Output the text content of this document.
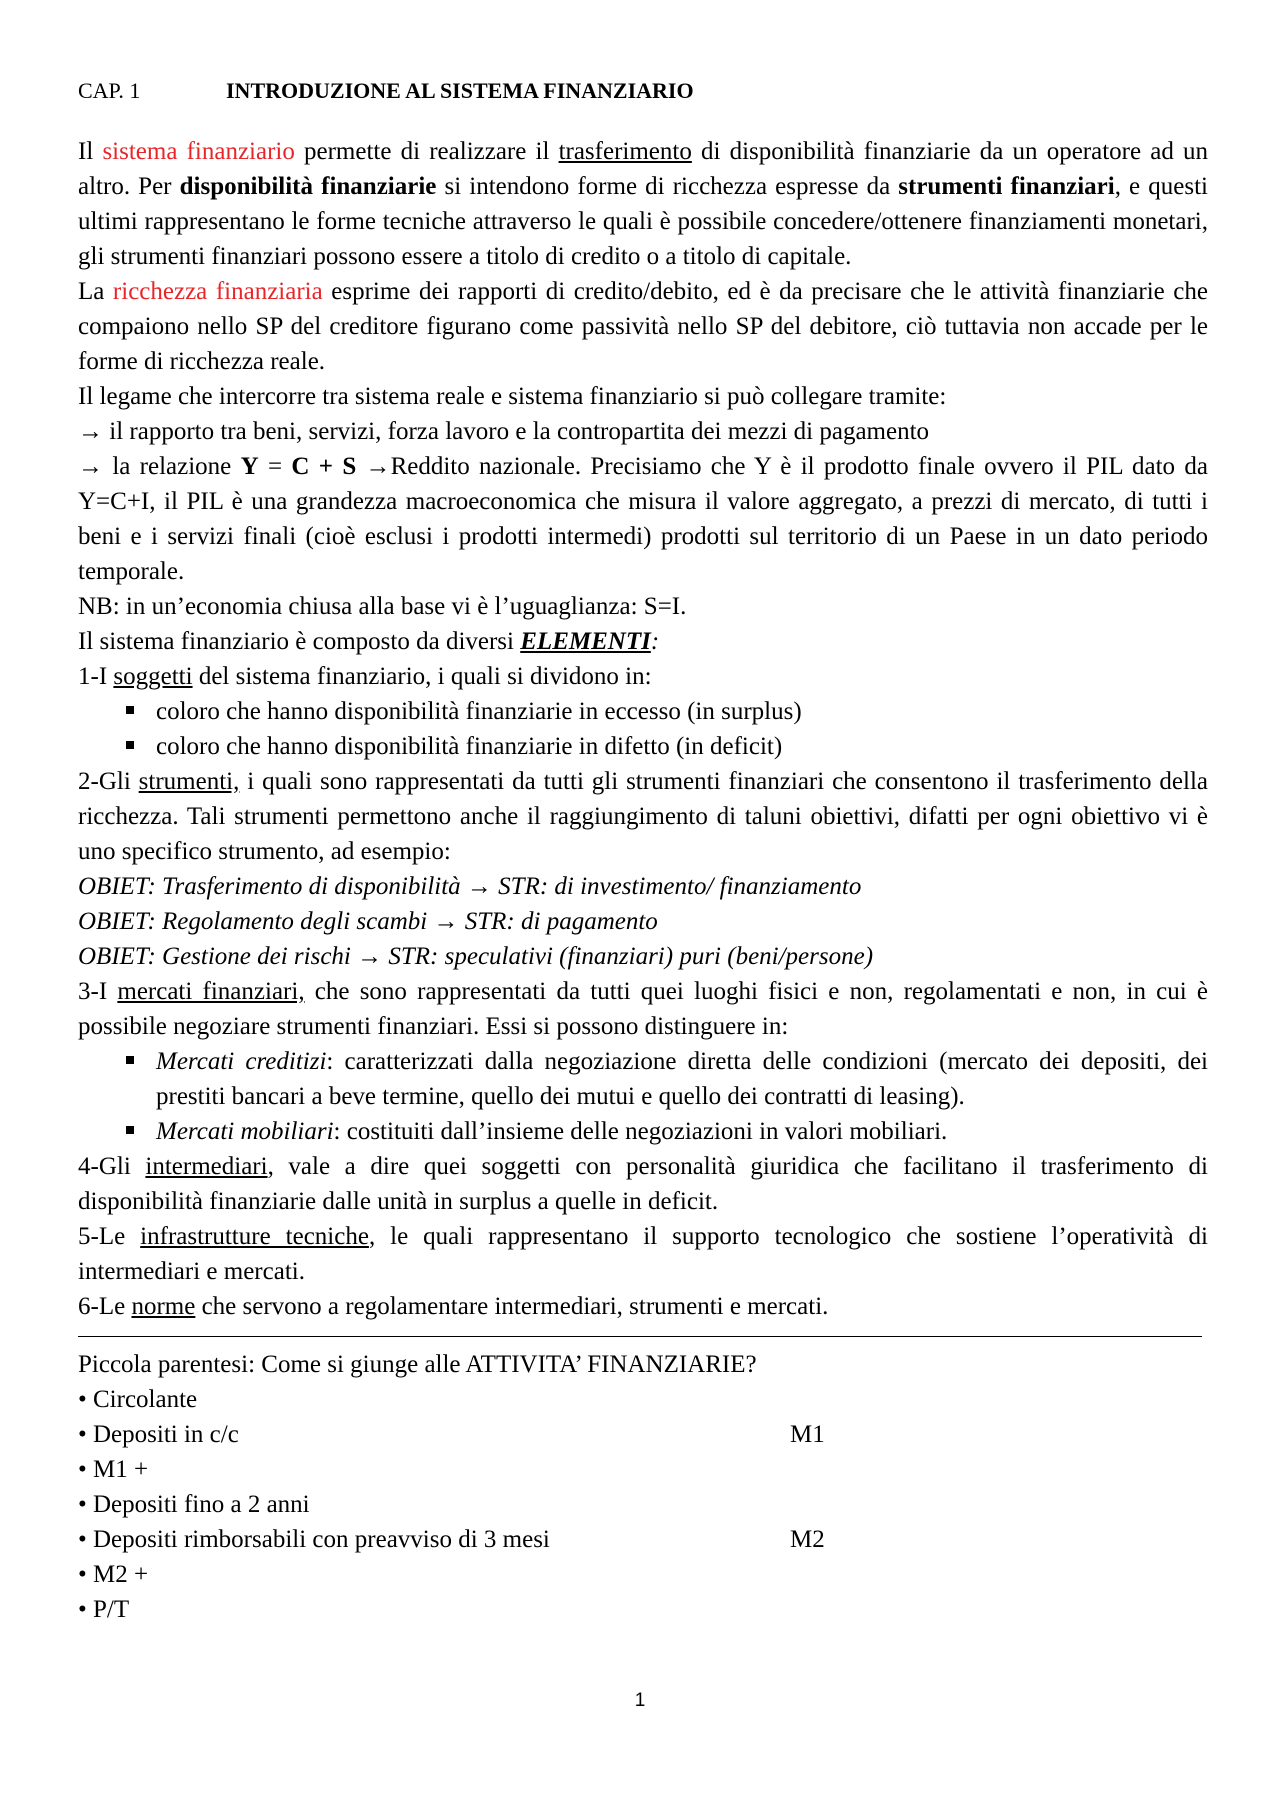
CAP. 1	INTRODUZIONE AL SISTEMA FINANZIARIO

Il sistema finanziario permette di realizzare il trasferimento di disponibilità finanziarie da un operatore ad un altro. Per disponibilità finanziarie si intendono forme di ricchezza espresse da strumenti finanziari, e questi ultimi rappresentano le forme tecniche attraverso le quali è possibile concedere/ottenere finanziamenti monetari, gli strumenti finanziari possono essere a titolo di credito o a titolo di capitale.

La ricchezza finanziaria esprime dei rapporti di credito/debito, ed è da precisare che le attività finanziarie che compaiono nello SP del creditore figurano come passività nello SP del debitore, ciò tuttavia non accade per le forme di ricchezza reale.

Il legame che intercorre tra sistema reale e sistema finanziario si può collegare tramite:

→ il rapporto tra beni, servizi, forza lavoro e la contropartita dei mezzi di pagamento

→ la relazione Y = C + S →Reddito nazionale. Precisiamo che Y è il prodotto finale ovvero il PIL dato da Y=C+I, il PIL è una grandezza macroeconomica che misura il valore aggregato, a prezzi di mercato, di tutti i beni e i servizi finali (cioè esclusi i prodotti intermedi) prodotti sul territorio di un Paese in un dato periodo temporale.

NB: in un’economia chiusa alla base vi è l’uguaglianza: S=I.

Il sistema finanziario è composto da diversi ELEMENTI:

1-I soggetti del sistema finanziario, i quali si dividono in:

coloro che hanno disponibilità finanziarie in eccesso (in surplus)
coloro che hanno disponibilità finanziarie in difetto (in deficit)

2-Gli strumenti, i quali sono rappresentati da tutti gli strumenti finanziari che consentono il trasferimento della ricchezza. Tali strumenti permettono anche il raggiungimento di taluni obiettivi, difatti per ogni obiettivo vi è uno specifico strumento, ad esempio:

OBIET: Trasferimento di disponibilità → STR: di investimento/ finanziamento

OBIET: Regolamento degli scambi → STR: di pagamento

OBIET: Gestione dei rischi → STR: speculativi (finanziari) puri (beni/persone)

3-I mercati finanziari, che sono rappresentati da tutti quei luoghi fisici e non, regolamentati e non, in cui è possibile negoziare strumenti finanziari. Essi si possono distinguere in:

Mercati creditizi: caratterizzati dalla negoziazione diretta delle condizioni (mercato dei depositi, dei prestiti bancari a beve termine, quello dei mutui e quello dei contratti di leasing).
Mercati mobiliari: costituiti dall’insieme delle negoziazioni in valori mobiliari.

4-Gli intermediari, vale a dire quei soggetti con personalità giuridica che facilitano il trasferimento di disponibilità finanziarie dalle unità in surplus a quelle in deficit.

5-Le infrastrutture tecniche, le quali rappresentano il supporto tecnologico che sostiene l’operatività di intermediari e mercati.

6-Le norme che servono a regolamentare intermediari, strumenti e mercati.

Piccola parentesi: Come si giunge alle ATTIVITA’ FINANZIARIE?

• Circolante
• Depositi in c/c	M1
• M1 +
• Depositi fino a 2 anni
• Depositi rimborsabili con preavviso di 3 mesi	M2
• M2 +
• P/T
1
